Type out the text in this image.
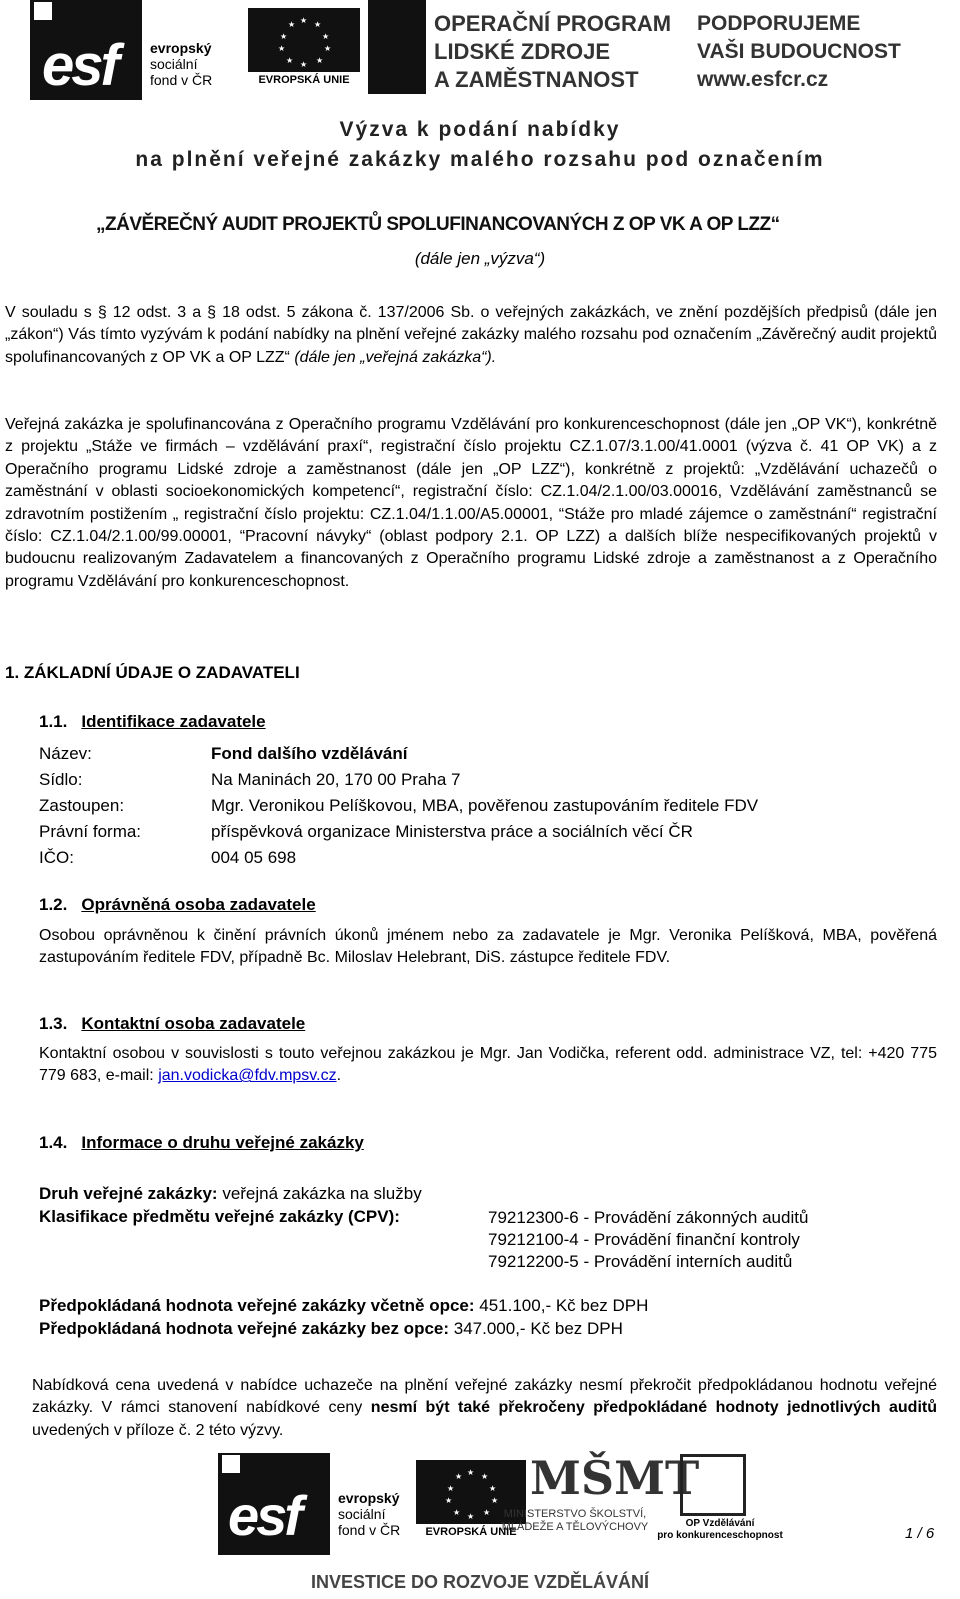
esf evropský
sociální
fond v ČR
★ ★
★
★
★
★
★
★
★
★
EVROPSKÁ UNIE
OPERAČNÍ PROGRAM
LIDSKÉ ZDROJE
A ZAMĚSTNANOST
PODPORUJEME
VAŠI BUDOUCNOST
www.esfcr.cz
Výzva k podání nabídky
na plnění veřejné zakázky malého rozsahu pod označením
„ZÁVĚREČNÝ AUDIT PROJEKTŮ SPOLUFINANCOVANÝCH Z OP VK A OP LZZ“
(dále jen „výzva“)
V souladu s § 12 odst. 3 a § 18 odst. 5 zákona č. 137/2006 Sb. o veřejných zakázkách, ve znění pozdějších předpisů (dále jen „zákon“) Vás tímto vyzývám k podání nabídky na plnění veřejné zakázky malého rozsahu pod označením „Závěrečný audit projektů spolufinancovaných z OP VK a OP LZZ“ (dále jen „veřejná zakázka“).
Veřejná zakázka je spolufinancována z Operačního programu Vzdělávání pro konkurenceschopnost (dále jen „OP VK“), konkrétně z projektu „Stáže ve firmách – vzdělávání praxí“, registrační číslo projektu CZ.1.07/3.1.00/41.0001 (výzva č. 41 OP VK) a z Operačního programu Lidské zdroje a zaměstnanost (dále jen „OP LZZ“), konkrétně z projektů: „Vzdělávání uchazečů o zaměstnání v oblasti socioekonomických kompetencí“, registrační číslo: CZ.1.04/2.1.00/03.00016, Vzdělávání zaměstnanců se zdravotním postižením „ registrační číslo projektu: CZ.1.04/1.1.00/A5.00001, “Stáže pro mladé zájemce o zaměstnání“ registrační číslo: CZ.1.04/2.1.00/99.00001, “Pracovní návyky“ (oblast podpory 2.1. OP LZZ) a dalších blíže nespecifikovaných projektů v budoucnu realizovaným Zadavatelem a financovaných z Operačního programu Lidské zdroje a zaměstnanost a z Operačního programu Vzdělávání pro konkurenceschopnost.
1. ZÁKLADNÍ ÚDAJE O ZADAVATELI
1.1. Identifikace zadavatele
Název:	Fond dalšího vzdělávání
Sídlo:	Na Maninách 20, 170 00 Praha 7
Zastoupen:	Mgr. Veronikou Pelíškovou, MBA, pověřenou zastupováním ředitele FDV
Právní forma:	příspěvková organizace Ministerstva práce a sociálních věcí ČR
IČO:	004 05 698
1.2. Oprávněná osoba zadavatele
Osobou oprávněnou k činění právních úkonů jménem nebo za zadavatele je Mgr. Veronika Pelíšková, MBA, pověřená zastupováním ředitele FDV, případně Bc. Miloslav Helebrant, DiS. zástupce ředitele FDV.
1.3. Kontaktní osoba zadavatele
Kontaktní osobou v souvislosti s touto veřejnou zakázkou je Mgr. Jan Vodička, referent odd. administrace VZ, tel: +420 775 779 683, e-mail: jan.vodicka@fdv.mpsv.cz.
1.4. Informace o druhu veřejné zakázky
Druh veřejné zakázky: veřejná zakázka na služby
Klasifikace předmětu veřejné zakázky (CPV):	79212300-6 - Provádění zákonných auditů
79212100-4 - Provádění finanční kontroly
79212200-5 - Provádění interních auditů
Předpokládaná hodnota veřejné zakázky včetně opce: 451.100,- Kč bez DPH
Předpokládaná hodnota veřejné zakázky bez opce: 347.000,- Kč bez DPH
Nabídková cena uvedená v nabídce uchazeče na plnění veřejné zakázky nesmí překročit předpokládanou hodnotu veřejné zakázky. V rámci stanovení nabídkové ceny nesmí být také překročeny předpokládané hodnoty jednotlivých auditů uvedených v příloze č. 2 této výzvy.
esf	evropský
sociální
fond v ČR
★ ★
★
★
★
★
★
★
★
★
EVROPSKÁ UNIE
MŠMT
MINISTERSTVO ŠKOLSTVÍ,
MLÁDEŽE A TĚLOVÝCHOVY	OP Vzdělávání
pro konkurenceschopnost	1 / 6
INVESTICE DO ROZVOJE VZDĚLÁVÁNÍ
